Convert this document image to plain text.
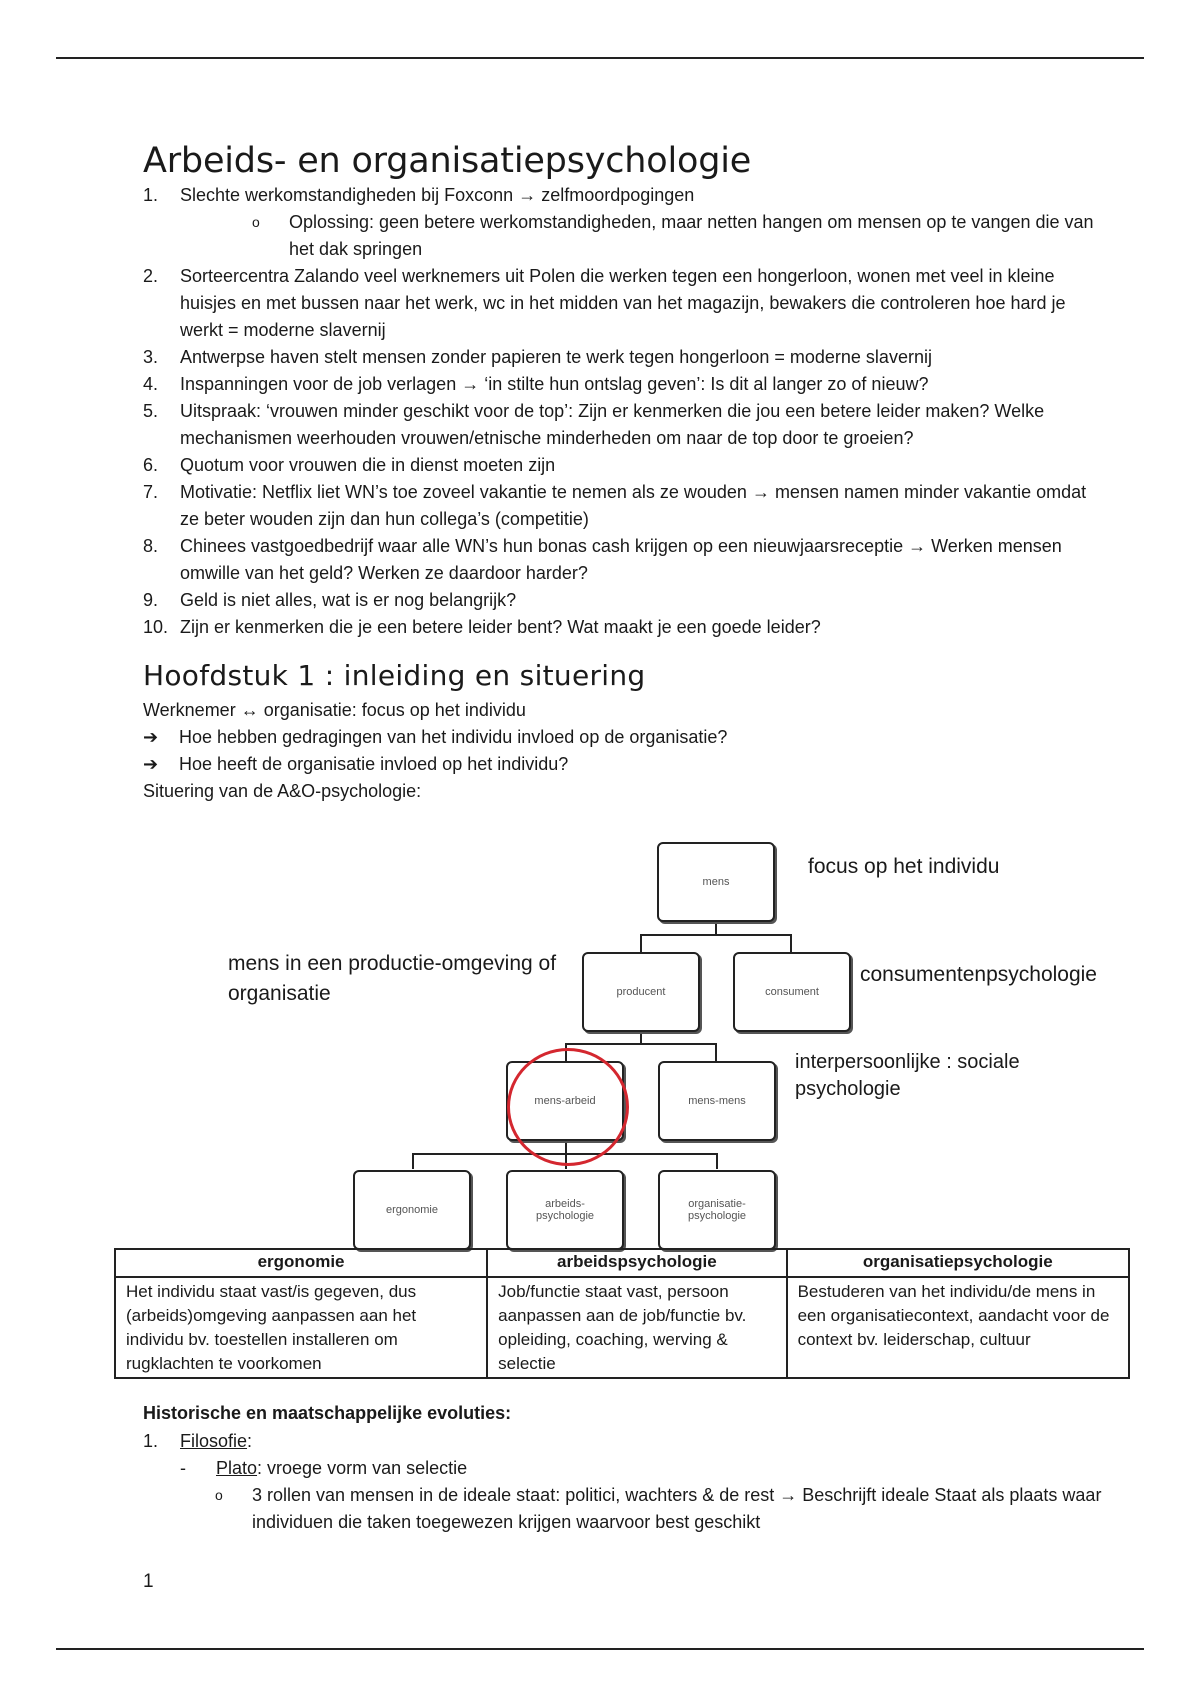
Arbeids- en organisatiepsychologie
1. Slechte werkomstandigheden bij Foxconn → zelfmoordpogingen
o Oplossing: geen betere werkomstandigheden, maar netten hangen om mensen op te vangen die van het dak springen
2. Sorteercentra Zalando veel werknemers uit Polen die werken tegen een hongerloon, wonen met veel in kleine huisjes en met bussen naar het werk, wc in het midden van het magazijn, bewakers die controleren hoe hard je werkt = moderne slavernij
3. Antwerpse haven stelt mensen zonder papieren te werk tegen hongerloon = moderne slavernij
4. Inspanningen voor de job verlagen → ‘in stilte hun ontslag geven’: Is dit al langer zo of nieuw?
5. Uitspraak: ‘vrouwen minder geschikt voor de top’: Zijn er kenmerken die jou een betere leider maken? Welke mechanismen weerhouden vrouwen/etnische minderheden om naar de top door te groeien?
6. Quotum voor vrouwen die in dienst moeten zijn
7. Motivatie: Netflix liet WN’s toe zoveel vakantie te nemen als ze wouden → mensen namen minder vakantie omdat ze beter wouden zijn dan hun collega’s (competitie)
8. Chinees vastgoedbedrijf waar alle WN’s hun bonas cash krijgen op een nieuwjaarsreceptie → Werken mensen omwille van het geld? Werken ze daardoor harder?
9. Geld is niet alles, wat is er nog belangrijk?
10. Zijn er kenmerken die je een betere leider bent? Wat maakt je een goede leider?
Hoofdstuk 1 : inleiding en situering

Werknemer ↔ organisatie: focus op het individu

➔ Hoe hebben gedragingen van het individu invloed op de organisatie?
➔ Hoe heeft de organisatie invloed op het individu?

Situering van de A&O-psychologie:

mens
producent	consument
mens-arbeid	mens-mens
ergonomie	arbeids-
psychologie
organisatie-
psychologie
focus op het individu
mens in een productie-omgeving of organisatie
consumentenpsychologie
interpersoonlijke : sociale psychologie
ergonomie	arbeidspsychologie	organisatiepsychologie
Het individu staat vast/is gegeven, dus (arbeids)omgeving aanpassen aan het individu bv. toestellen installeren om rugklachten te voorkomen	Job/functie staat vast, persoon aanpassen aan de job/functie bv. opleiding, coaching, werving & selectie	Bestuderen van het individu/de mens in een organisatiecontext, aandacht voor de context bv. leiderschap, cultuur
Historische en maatschappelijke evoluties:
1. Filosofie:
- Plato: vroege vorm van selectie
o 3 rollen van mensen in de ideale staat: politici, wachters & de rest → Beschrijft ideale Staat als plaats waar individuen die taken toegewezen krijgen waarvoor best geschikt
1
